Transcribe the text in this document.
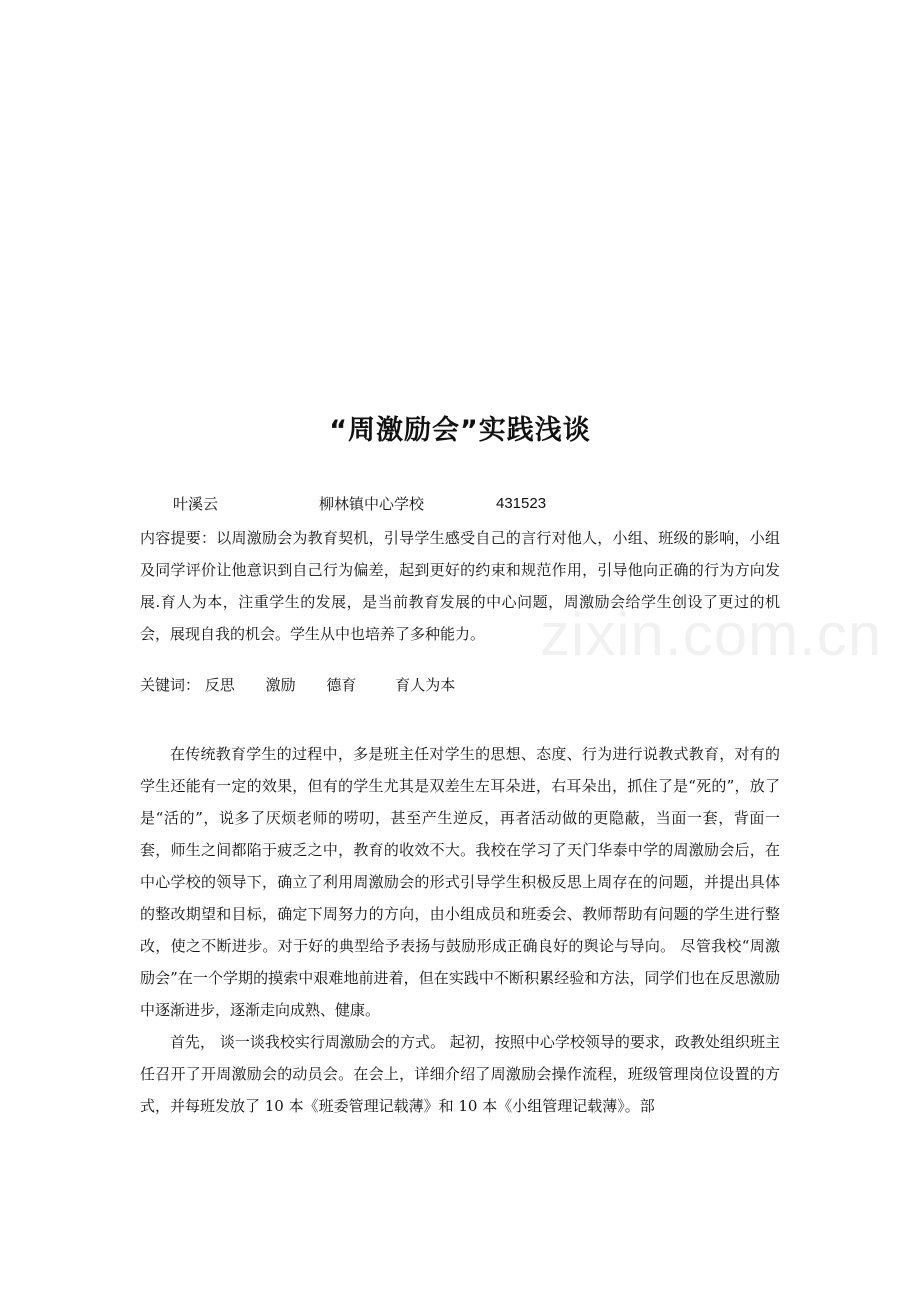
zixin.com.cn
“周激励会”实践浅谈
叶溪云	柳林镇中心学校	431523
内容提要：以周激励会为教育契机，引导学生感受自己的言行对他人，小组、班级的影响，小组及同学评价让他意识到自己行为偏差，起到更好的约束和规范作用，引导他向正确的行为方向发展.育人为本，注重学生的发展，是当前教育发展的中心问题，周激励会给学生创设了更过的机会，展现自我的机会。学生从中也培养了多种能力。
关键词： 反思 激励 德育	育人为本

在传统教育学生的过程中，多是班主任对学生的思想、态度、行为进行说教式教育，对有的学生还能有一定的效果，但有的学生尤其是双差生左耳朵进，右耳朵出，抓住了是“死的”，放了是“活的”，说多了厌烦老师的唠叨，甚至产生逆反，再者活动做的更隐蔽，当面一套，背面一套，师生之间都陷于疲乏之中，教育的收效不大。我校在学习了天门华泰中学的周激励会后，在中心学校的领导下，确立了利用周激励会的形式引导学生积极反思上周存在的问题，并提出具体的整改期望和目标，确定下周努力的方向，由小组成员和班委会、教师帮助有问题的学生进行整改，使之不断进步。对于好的典型给予表扬与鼓励形成正确良好的舆论与导向。 尽管我校“周激励会”在一个学期的摸索中艰难地前进着，但在实践中不断积累经验和方法，同学们也在反思激励中逐渐进步，逐渐走向成熟、健康。

首先， 谈一谈我校实行周激励会的方式。 起初，按照中心学校领导的要求，政教处组织班主任召开了开周激励会的动员会。在会上，详细介绍了周激励会操作流程，班级管理岗位设置的方式，并每班发放了 10 本《班委管理记载薄》和 10 本《小组管理记载薄》。部
